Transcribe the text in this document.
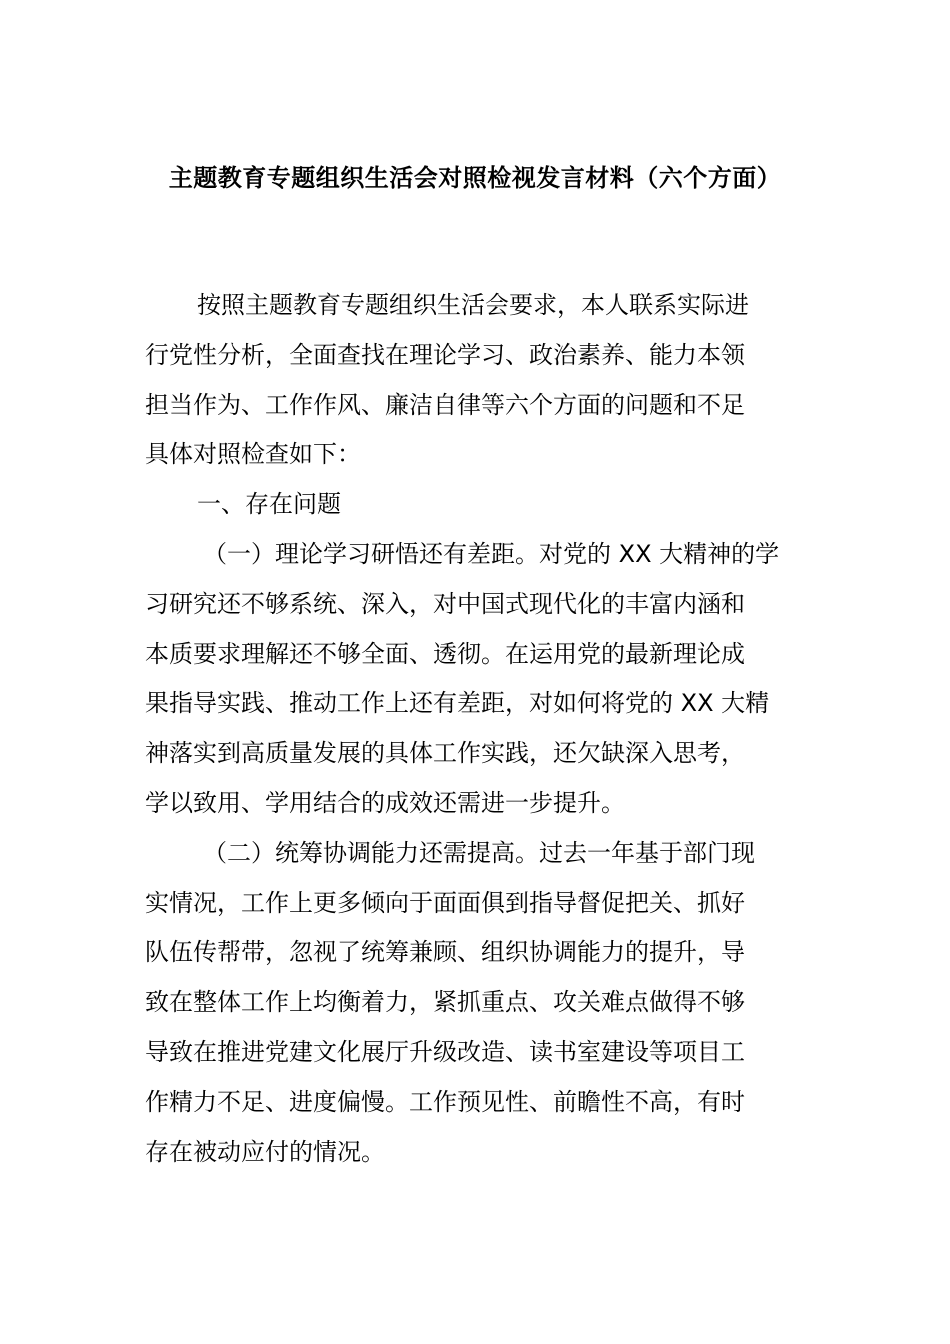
主题教育专题组织生活会对照检视发言材料（六个方面）

按照主题教育专题组织生活会要求，本人联系实际进
行党性分析，全面查找在理论学习、政治素养、能力本领
担当作为、工作作风、廉洁自律等六个方面的问题和不足
具体对照检查如下：

一、存在问题

（一）理论学习研悟还有差距。对党的 XX 大精神的学
习研究还不够系统、深入，对中国式现代化的丰富内涵和
本质要求理解还不够全面、透彻。在运用党的最新理论成
果指导实践、推动工作上还有差距，对如何将党的 XX 大精
神落实到高质量发展的具体工作实践，还欠缺深入思考，
学以致用、学用结合的成效还需进一步提升。

（二）统筹协调能力还需提高。过去一年基于部门现
实情况，工作上更多倾向于面面俱到指导督促把关、抓好
队伍传帮带，忽视了统筹兼顾、组织协调能力的提升，导
致在整体工作上均衡着力，紧抓重点、攻关难点做得不够
导致在推进党建文化展厅升级改造、读书室建设等项目工
作精力不足、进度偏慢。工作预见性、前瞻性不高，有时
存在被动应付的情况。
